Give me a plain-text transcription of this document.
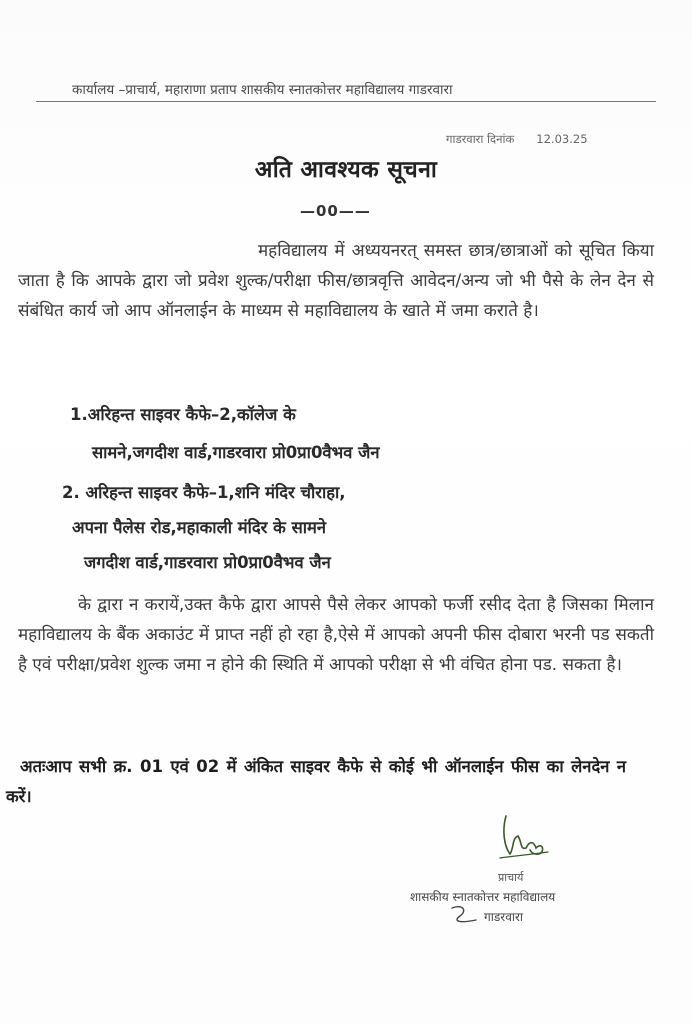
कार्यालय –प्राचार्य, महाराणा प्रताप शासकीय स्नातकोत्तर महाविद्यालय गाडरवारा
गाडरवारा दिनांक 12.03.25
अति आवश्यक सूचना
—00——
महविद्यालय में अध्ययनरत् समस्त छात्र/छात्राओं को सूचित किया जाता है कि आपके द्वारा जो प्रवेश शुल्क/परीक्षा फीस/छात्रवृत्ति आवेदन/अन्य जो भी पैसे के लेन देन से संबंधित कार्य जो आप ऑनलाईन के माध्यम से महाविद्यालय के खाते में जमा कराते है।
1.अरिहन्त साइवर कैफे–2,कॉलेज के
सामने,जगदीश वार्ड,गाडरवारा प्रो0प्रा0वैभव जैन
2. अरिहन्त साइवर कैफे–1,शनि मंदिर चौराहा,
अपना पैलेस रोड,महाकाली मंदिर के सामने
जगदीश वार्ड,गाडरवारा प्रो0प्रा0वैभव जैन
के द्वारा न करायें,उक्त कैफे द्वारा आपसे पैसे लेकर आपको फर्जी रसीद देता है जिसका मिलान महाविद्यालय के बैंक अकाउंट में प्राप्त नहीं हो रहा है,ऐसे में आपको अपनी फीस दोबारा भरनी पड सकती है एवं परीक्षा/प्रवेश शुल्क जमा न होने की स्थिति में आपको परीक्षा से भी वंचित होना पड. सकता है।
अतःआप सभी क्र. 01 एवं 02 में अंकित साइवर कैफे से कोई भी ऑनलाईन फीस का लेनदेन न करें।
प्राचार्य
शासकीय स्नातकोत्तर महाविद्यालय
गाडरवारा
